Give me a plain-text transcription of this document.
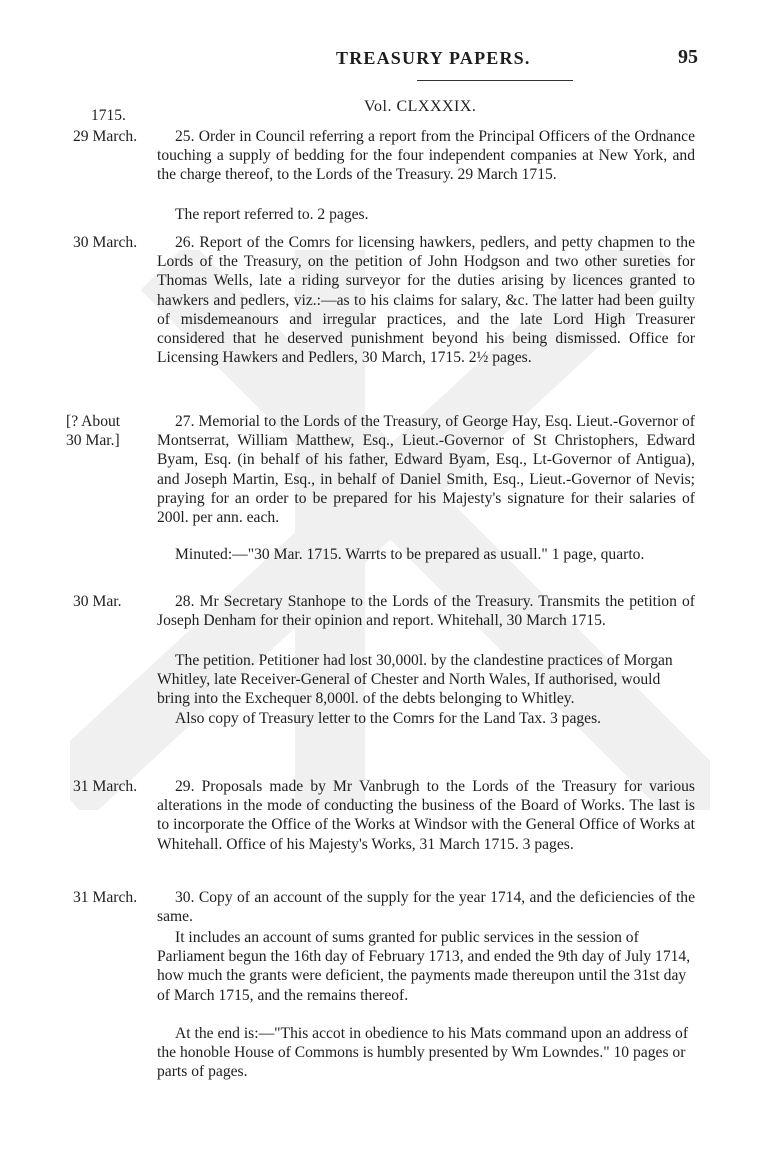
TREASURY PAPERS.	95
1715.
Vol. CLXXXIX.
29 March.	25. Order in Council referring a report from the Principal Officers of the Ordnance touching a supply of bedding for the four independent companies at New York, and the charge thereof, to the Lords of the Treasury. 29 March 1715.
The report referred to. 2 pages.
30 March.	26. Report of the Comrs for licensing hawkers, pedlers, and petty chapmen to the Lords of the Treasury, on the petition of John Hodgson and two other sureties for Thomas Wells, late a riding surveyor for the duties arising by licences granted to hawkers and pedlers, viz.:—as to his claims for salary, &c. The latter had been guilty of misdemeanours and irregular practices, and the late Lord High Treasurer considered that he deserved punishment beyond his being dismissed. Office for Licensing Hawkers and Pedlers, 30 March, 1715. 2½ pages.
[? About
30 Mar.]
27. Memorial to the Lords of the Treasury, of George Hay, Esq. Lieut.-Governor of Montserrat, William Matthew, Esq., Lieut.-Governor of St Christophers, Edward Byam, Esq. (in behalf of his father, Edward Byam, Esq., Lt-Governor of Antigua), and Joseph Martin, Esq., in behalf of Daniel Smith, Esq., Lieut.-Governor of Nevis; praying for an order to be prepared for his Majesty's signature for their salaries of 200l. per ann. each.
Minuted:—"30 Mar. 1715. Warrts to be prepared as usuall." 1 page, quarto.
30 Mar.	28. Mr Secretary Stanhope to the Lords of the Treasury. Transmits the petition of Joseph Denham for their opinion and report. Whitehall, 30 March 1715.
The petition. Petitioner had lost 30,000l. by the clandestine practices of Morgan Whitley, late Receiver-General of Chester and North Wales, If authorised, would bring into the Exchequer 8,000l. of the debts belonging to Whitley.
Also copy of Treasury letter to the Comrs for the Land Tax. 3 pages.
31 March.	29. Proposals made by Mr Vanbrugh to the Lords of the Treasury for various alterations in the mode of conducting the business of the Board of Works. The last is to incorporate the Office of the Works at Windsor with the General Office of Works at Whitehall. Office of his Majesty's Works, 31 March 1715. 3 pages.
31 March.	30. Copy of an account of the supply for the year 1714, and the deficiencies of the same.
It includes an account of sums granted for public services in the session of Parliament begun the 16th day of February 1713, and ended the 9th day of July 1714, how much the grants were deficient, the payments made thereupon until the 31st day of March 1715, and the remains thereof.
At the end is:—"This accot in obedience to his Mats command upon an address of the honoble House of Commons is humbly presented by Wm Lowndes." 10 pages or parts of pages.
